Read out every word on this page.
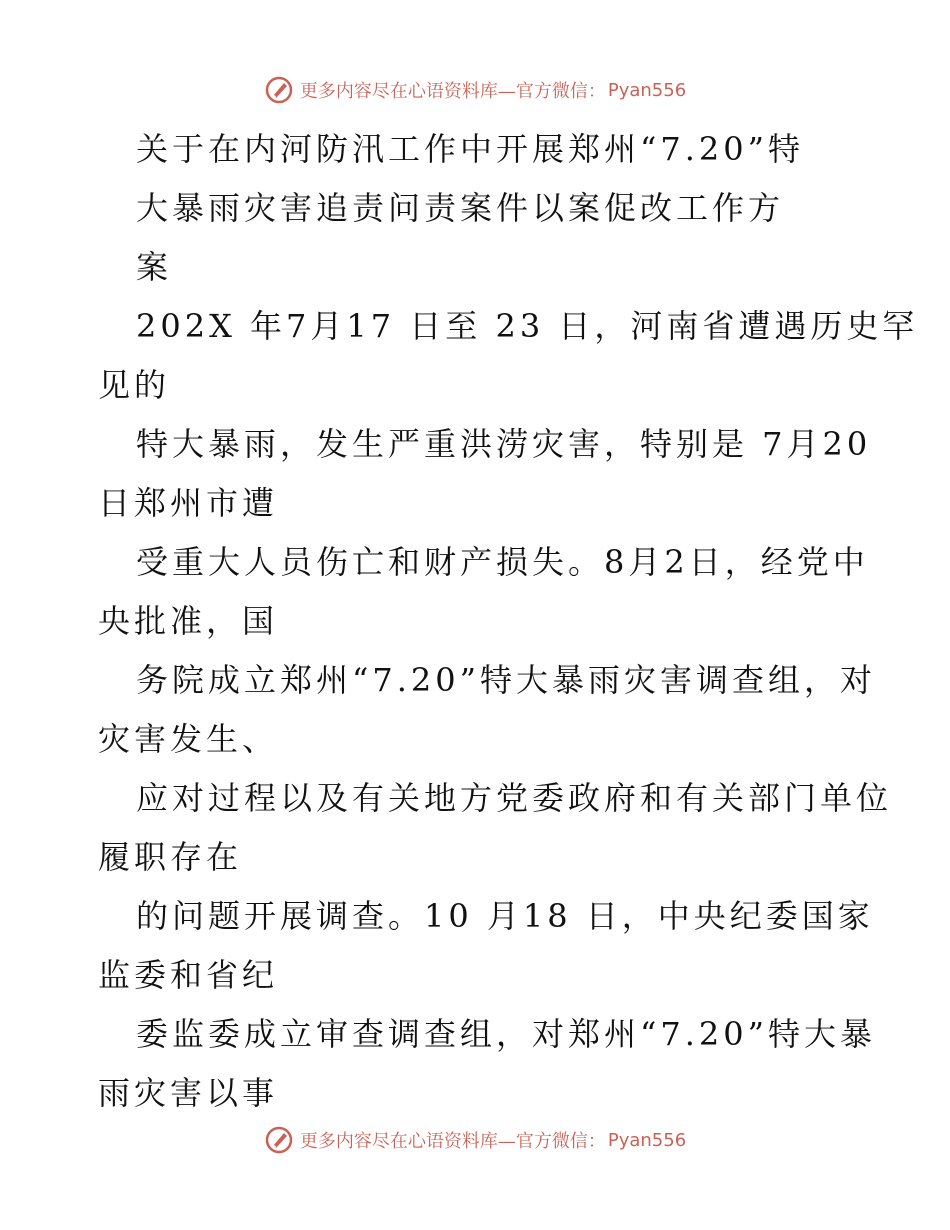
更多内容尽在心语资料库—官方微信： Pyan556
关于在内河防汛工作中开展郑州“7.20”特
大暴雨灾害追责问责案件以案促改工作方
案
202X 年7月17 日至 23 日，河南省遭遇历史罕
见的
特大暴雨，发生严重洪涝灾害，特别是 7月20
日郑州市遭
受重大人员伤亡和财产损失。8月2日，经党中
央批准，国
务院成立郑州“7.20”特大暴雨灾害调查组，对
灾害发生、
应对过程以及有关地方党委政府和有关部门单位
履职存在
的问题开展调查。10 月18 日，中央纪委国家
监委和省纪
委监委成立审查调查组，对郑州“7.20”特大暴
雨灾害以事
更多内容尽在心语资料库—官方微信： Pyan556
